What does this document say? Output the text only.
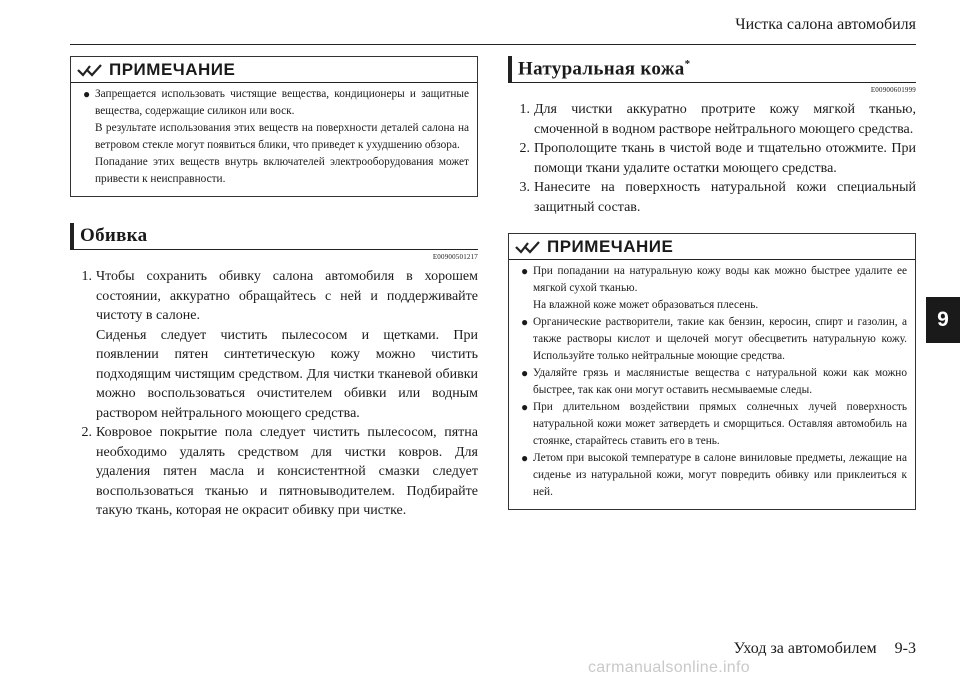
Чистка салона автомобиля
ПРИМЕЧАНИЕ
● Запрещается использовать чистящие вещества, кондиционеры и защитные вещества, содержащие силикон или воск.
В результате использования этих веществ на поверхности деталей салона на ветровом стекле могут появиться блики, что приведет к ухудшению обзора.
Попадание этих веществ внутрь включателей электрооборудования может привести к неисправности.
Обивка
E00900501217
1. Чтобы сохранить обивку салона автомобиля в хорошем состоянии, аккуратно обращайтесь с ней и поддерживайте чистоту в салоне.
Сиденья следует чистить пылесосом и щетками. При появлении пятен синтетическую кожу можно чистить подходящим чистящим средством. Для чистки тканевой обивки можно воспользоваться очистителем обивки или водным раствором нейтрального моющего средства.
2. Ковровое покрытие пола следует чистить пылесосом, пятна необходимо удалять средством для чистки ковров. Для удаления пятен масла и консистентной смазки следует воспользоваться тканью и пятновыводителем. Подбирайте такую ткань, которая не окрасит обивку при чистке.
Натуральная кожа*
E00900601999
1. Для чистки аккуратно протрите кожу мягкой тканью, смоченной в водном растворе нейтрального моющего средства.
2. Прополощите ткань в чистой воде и тщательно отожмите. При помощи ткани удалите остатки моющего средства.
3. Нанесите на поверхность натуральной кожи специальный защитный состав.
ПРИМЕЧАНИЕ
● При попадании на натуральную кожу воды как можно быстрее удалите ее мягкой сухой тканью.
На влажной коже может образоваться плесень.
● Органические растворители, такие как бензин, керосин, спирт и газолин, а также растворы кислот и щелочей могут обесцветить натуральную кожу. Используйте только нейтральные моющие средства.
● Удаляйте грязь и маслянистые вещества с натуральной кожи как можно быстрее, так как они могут оставить несмываемые следы.
● При длительном воздействии прямых солнечных лучей поверхность натуральной кожи может затвердеть и сморщиться. Оставляя автомобиль на стоянке, старайтесь ставить его в тень.
● Летом при высокой температуре в салоне виниловые предметы, лежащие на сиденье из натуральной кожи, могут повредить обивку или приклеиться к ней.
9
Уход за автомобилем 9-3
carmanualsonline.info
